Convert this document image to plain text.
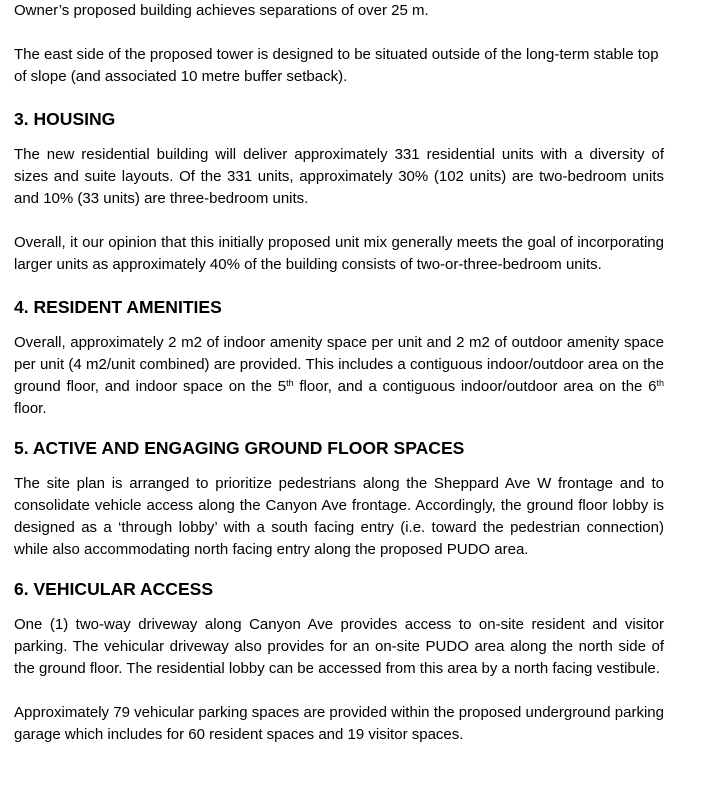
Owner’s proposed building achieves separations of over 25 m.

The east side of the proposed tower is designed to be situated outside of the long-term stable top of slope (and associated 10 metre buffer setback).

3. HOUSING

The new residential building will deliver approximately 331 residential units with a diversity of sizes and suite layouts. Of the 331 units, approximately 30% (102 units) are two-bedroom units and 10% (33 units) are three-bedroom units.

Overall, it our opinion that this initially proposed unit mix generally meets the goal of incorporating larger units as approximately 40% of the building consists of two-or-three-bedroom units.

4. RESIDENT AMENITIES

Overall, approximately 2 m2 of indoor amenity space per unit and 2 m2 of outdoor amenity space per unit (4 m2/unit combined) are provided. This includes a contiguous indoor/outdoor area on the ground floor, and indoor space on the 5th floor, and a contiguous indoor/outdoor area on the 6th floor.

5. ACTIVE AND ENGAGING GROUND FLOOR SPACES

The site plan is arranged to prioritize pedestrians along the Sheppard Ave W frontage and to consolidate vehicle access along the Canyon Ave frontage. Accordingly, the ground floor lobby is designed as a ‘through lobby’ with a south facing entry (i.e. toward the pedestrian connection) while also accommodating north facing entry along the proposed PUDO area.

6. VEHICULAR ACCESS

One (1) two-way driveway along Canyon Ave provides access to on-site resident and visitor parking. The vehicular driveway also provides for an on-site PUDO area along the north side of the ground floor. The residential lobby can be accessed from this area by a north facing vestibule.

Approximately 79 vehicular parking spaces are provided within the proposed underground parking garage which includes for 60 resident spaces and 19 visitor spaces.
